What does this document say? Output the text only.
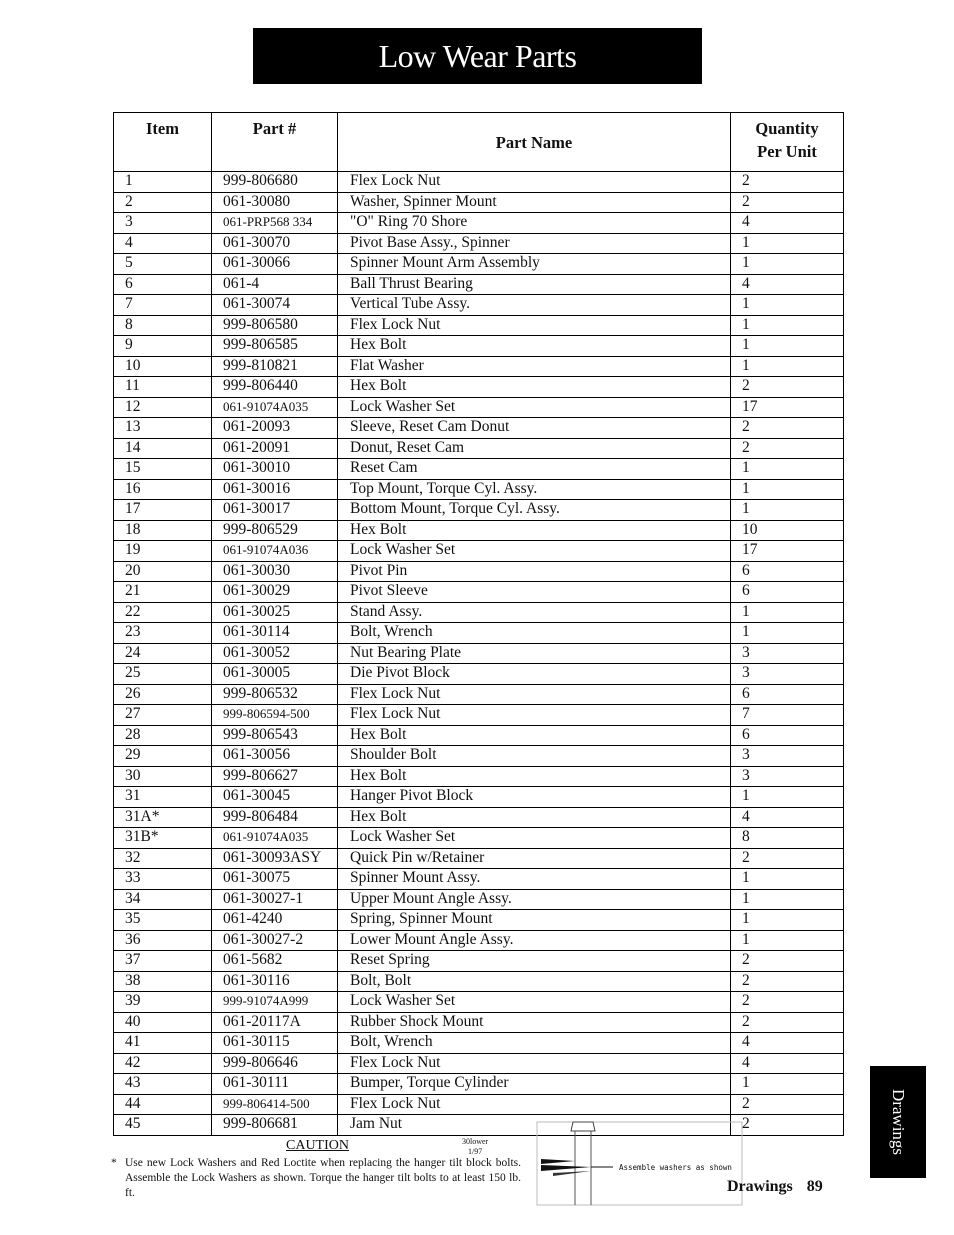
Low Wear Parts
Item	Part #	Part Name	Quantity
Per Unit
1	999-806680	Flex Lock Nut	2
2	061-30080	Washer, Spinner Mount	2
3	061-PRP568 334	"O" Ring 70 Shore	4
4	061-30070	Pivot Base Assy., Spinner	1
5	061-30066	Spinner Mount Arm Assembly	1
6	061-4	Ball Thrust Bearing	4
7	061-30074	Vertical Tube Assy.	1
8	999-806580	Flex Lock Nut	1
9	999-806585	Hex Bolt	1
10	999-810821	Flat Washer	1
11	999-806440	Hex Bolt	2
12	061-91074A035	Lock Washer Set	17
13	061-20093	Sleeve, Reset Cam Donut	2
14	061-20091	Donut, Reset Cam	2
15	061-30010	Reset Cam	1
16	061-30016	Top Mount, Torque Cyl. Assy.	1
17	061-30017	Bottom Mount, Torque Cyl. Assy.	1
18	999-806529	Hex Bolt	10
19	061-91074A036	Lock Washer Set	17
20	061-30030	Pivot Pin	6
21	061-30029	Pivot Sleeve	6
22	061-30025	Stand Assy.	1
23	061-30114	Bolt, Wrench	1
24	061-30052	Nut Bearing Plate	3
25	061-30005	Die Pivot Block	3
26	999-806532	Flex Lock Nut	6
27	999-806594-500	Flex Lock Nut	7
28	999-806543	Hex Bolt	6
29	061-30056	Shoulder Bolt	3
30	999-806627	Hex Bolt	3
31	061-30045	Hanger Pivot Block	1
31A*	999-806484	Hex Bolt	4
31B*	061-91074A035	Lock Washer Set	8
32	061-30093ASY	Quick Pin w/Retainer	2
33	061-30075	Spinner Mount Assy.	1
34	061-30027-1	Upper Mount Angle Assy.	1
35	061-4240	Spring, Spinner Mount	1
36	061-30027-2	Lower Mount Angle Assy.	1
37	061-5682	Reset Spring	2
38	061-30116	Bolt, Bolt	2
39	999-91074A999	Lock Washer Set	2
40	061-20117A	Rubber Shock Mount	2
41	061-30115	Bolt, Wrench	4
42	999-806646	Flex Lock Nut	4
43	061-30111	Bumper, Torque Cylinder	1
44	999-806414-500	Flex Lock Nut	2
45	999-806681	Jam Nut	2
CAUTION
* Use new Lock Washers and Red Loctite when replacing the hanger tilt block bolts. Assemble the Lock Washers as shown. Torque the hanger tilt bolts to at least 150 lb. ft.
30lower
1/97
Assemble washers as shown
Drawings 89
Drawings
